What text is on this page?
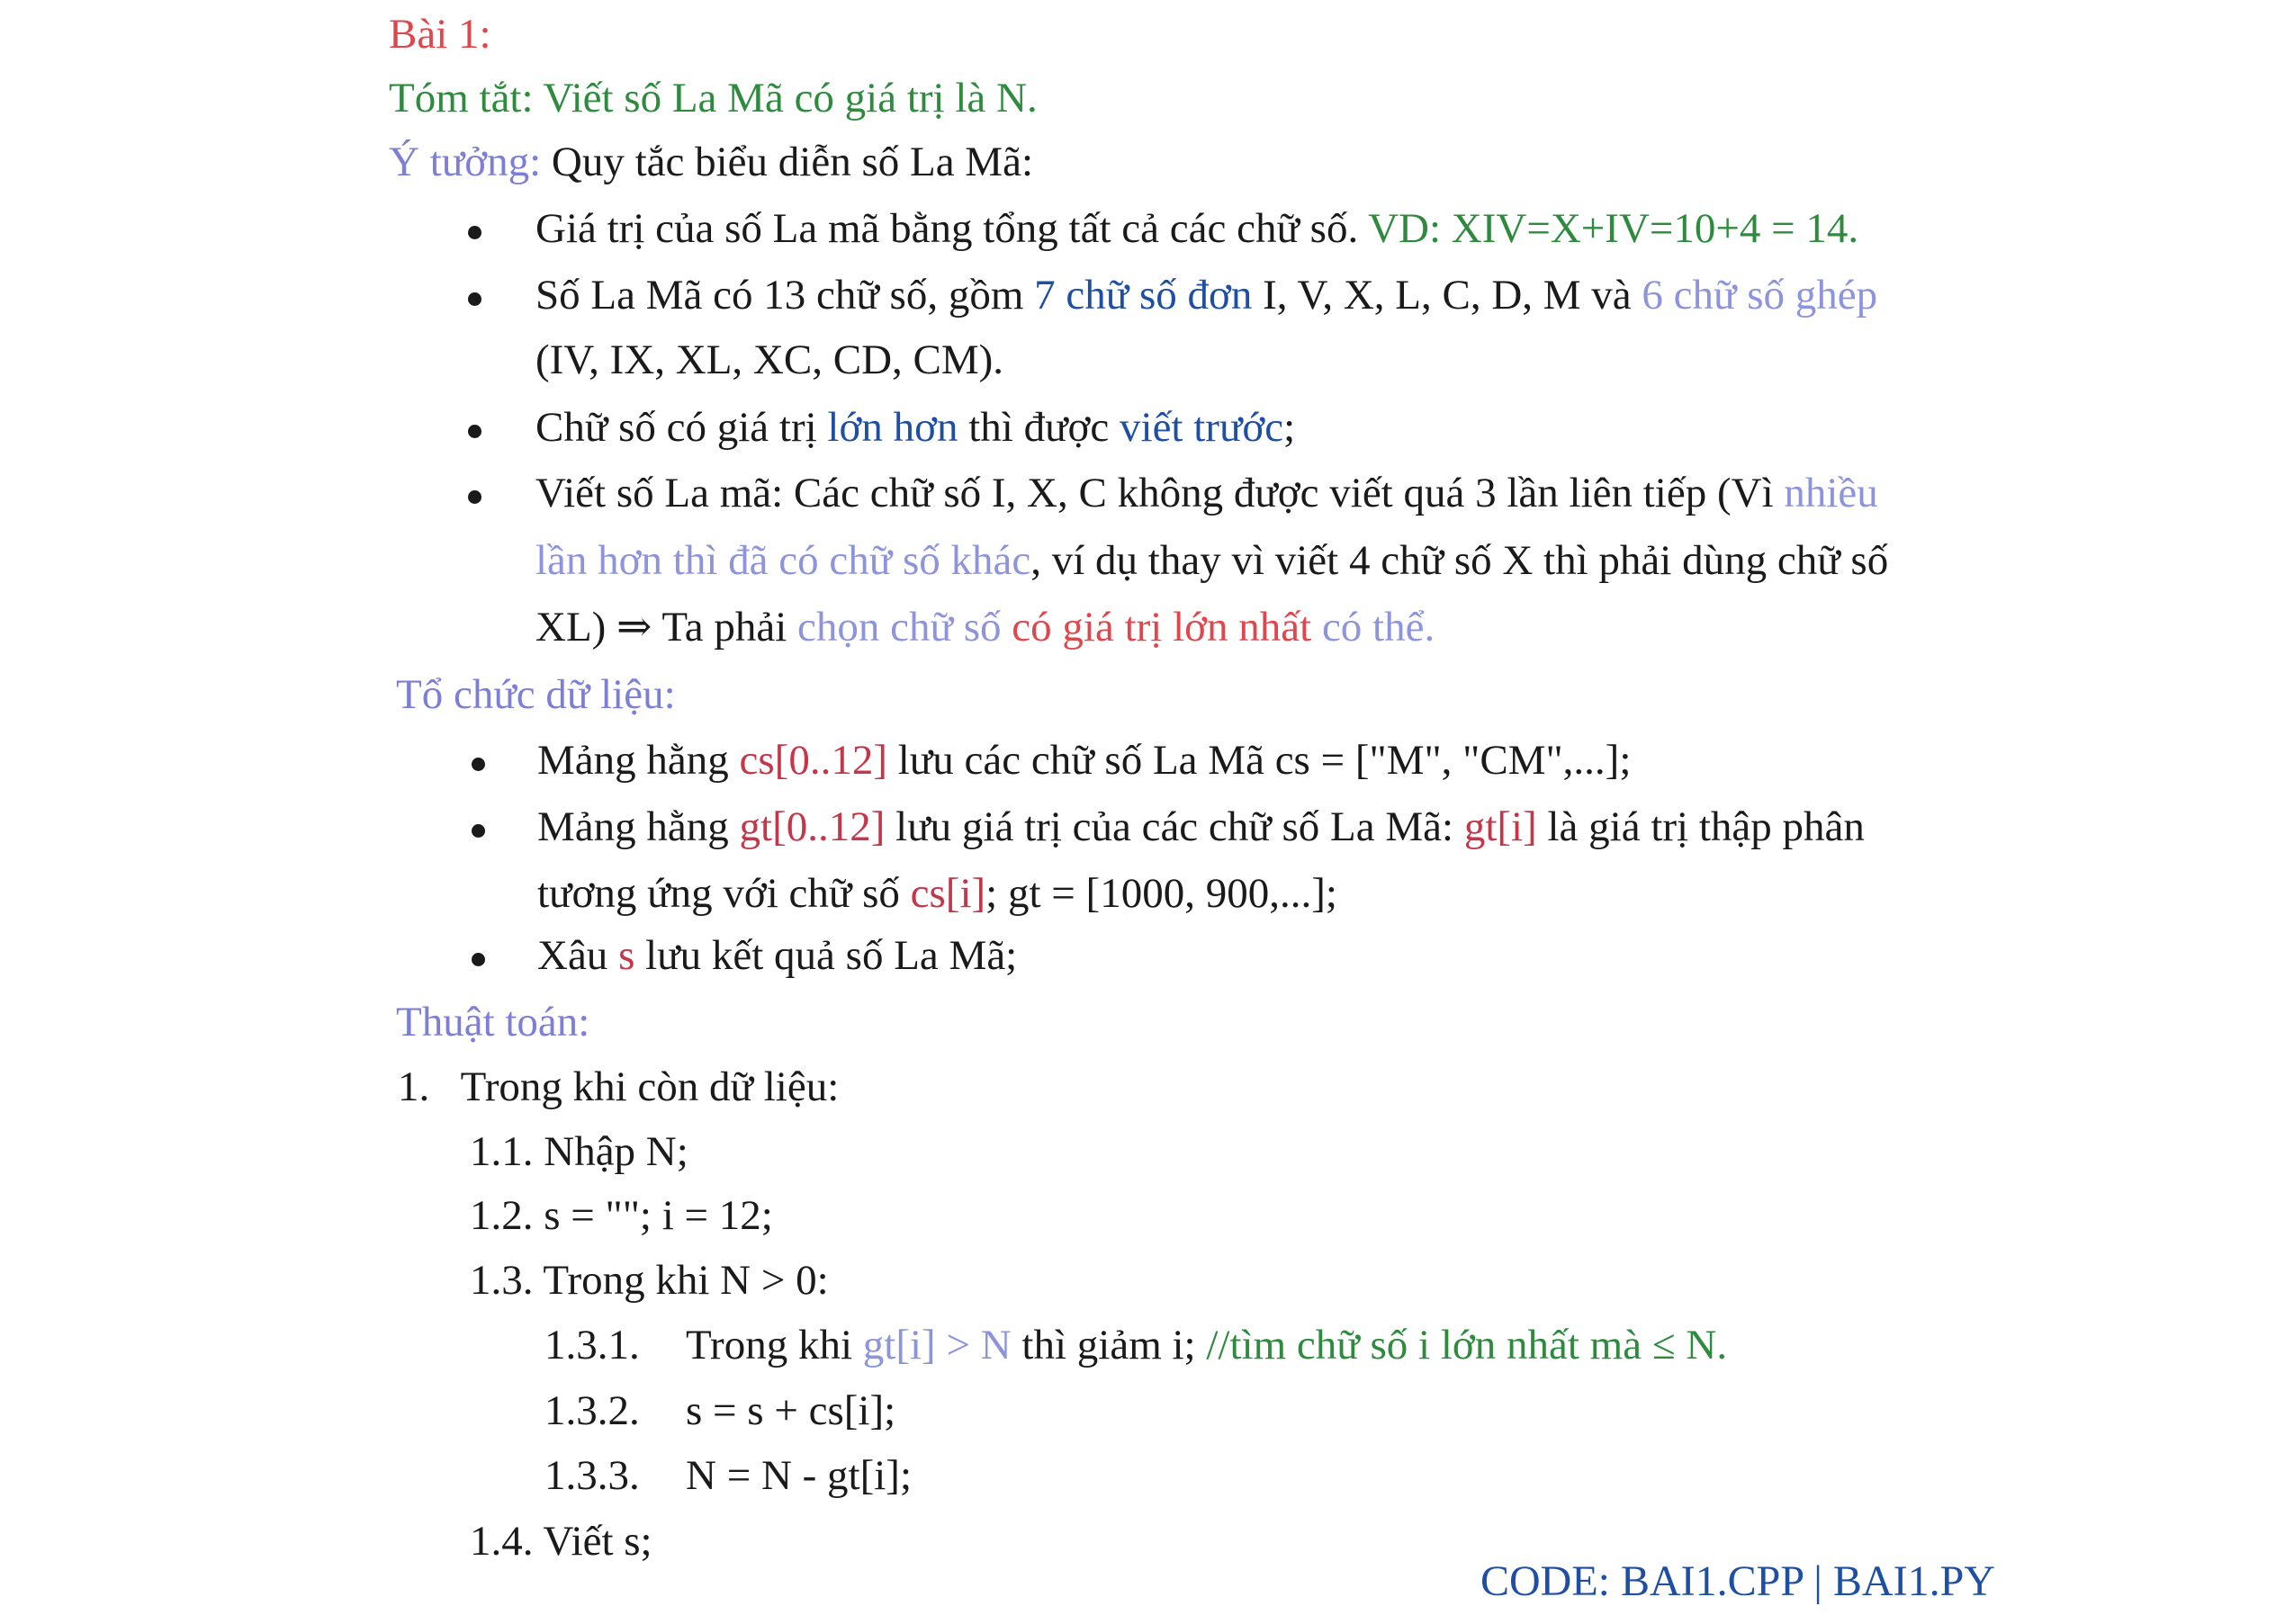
Bài 1:
Tóm tắt: Viết số La Mã có giá trị là N.
Ý tưởng: Quy tắc biểu diễn số La Mã:
Giá trị của số La mã bằng tổng tất cả các chữ số. VD: XIV=X+IV=10+4 = 14.
Số La Mã có 13 chữ số, gồm 7 chữ số đơn I, V, X, L, C, D, M và 6 chữ số ghép
(IV, IX, XL, XC, CD, CM).
Chữ số có giá trị lớn hơn thì được viết trước;
Viết số La mã: Các chữ số I, X, C không được viết quá 3 lần liên tiếp (Vì nhiều
lần hơn thì đã có chữ số khác, ví dụ thay vì viết 4 chữ số X thì phải dùng chữ số
XL) ⇒ Ta phải chọn chữ số có giá trị lớn nhất có thể.
Tổ chức dữ liệu:
Mảng hằng cs[0..12] lưu các chữ số La Mã cs = ["M", "CM",...];
Mảng hằng gt[0..12] lưu giá trị của các chữ số La Mã: gt[i] là giá trị thập phân
tương ứng với chữ số cs[i]; gt = [1000, 900,...];
Xâu s lưu kết quả số La Mã;
Thuật toán:
1.   Trong khi còn dữ liệu:
1.1. Nhập N;
1.2. s = ""; i = 12;
1.3. Trong khi N > 0:
1.3.1. Trong khi gt[i] > N thì giảm i; //tìm chữ số i lớn nhất mà ≤ N.
1.3.2. s = s + cs[i];
1.3.3. N = N - gt[i];
1.4. Viết s;
CODE: BAI1.CPP | BAI1.PY
